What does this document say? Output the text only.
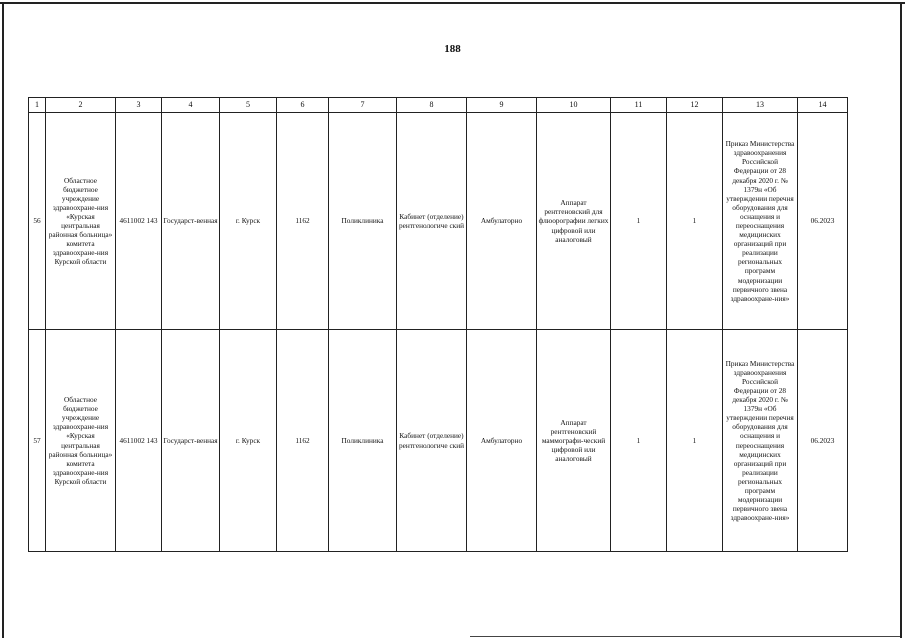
188
1	2	3	4	5	6	7	8	9	10	11	12	13	14
56	Областное бюджетное учреждение здравоохране-ния «Курская центральная районная больница» комитета здравоохране-ния Курской области	4611002 143	Государст-венная	г. Курск	1162	Поликлиника	Кабинет (отделение) рентгенологиче ский	Амбулаторно	Аппарат рентгеновский для флюорографии легких цифровой или аналоговый	1	1	Приказ Министерства здравоохранения Российской Федерации от 28 декабря 2020 г. № 1379н «Об утверждении перечня оборудования для оснащения и переоснащения медицинских организаций при реализации региональных программ модернизации первичного звена здравоохране-ния»	06.2023
57	Областное бюджетное учреждение здравоохране-ния «Курская центральная районная больница» комитета здравоохране-ния Курской области	4611002 143	Государст-венная	г. Курск	1162	Поликлиника	Кабинет (отделение) рентгенологиче ский	Амбулаторно	Аппарат рентгеновский маммографи-ческий цифровой или аналоговый	1	1	Приказ Министерства здравоохранения Российской Федерации от 28 декабря 2020 г. № 1379н «Об утверждении перечня оборудования для оснащения и переоснащения медицинских организаций при реализации региональных программ модернизации первичного звена здравоохране-ния»	06.2023
